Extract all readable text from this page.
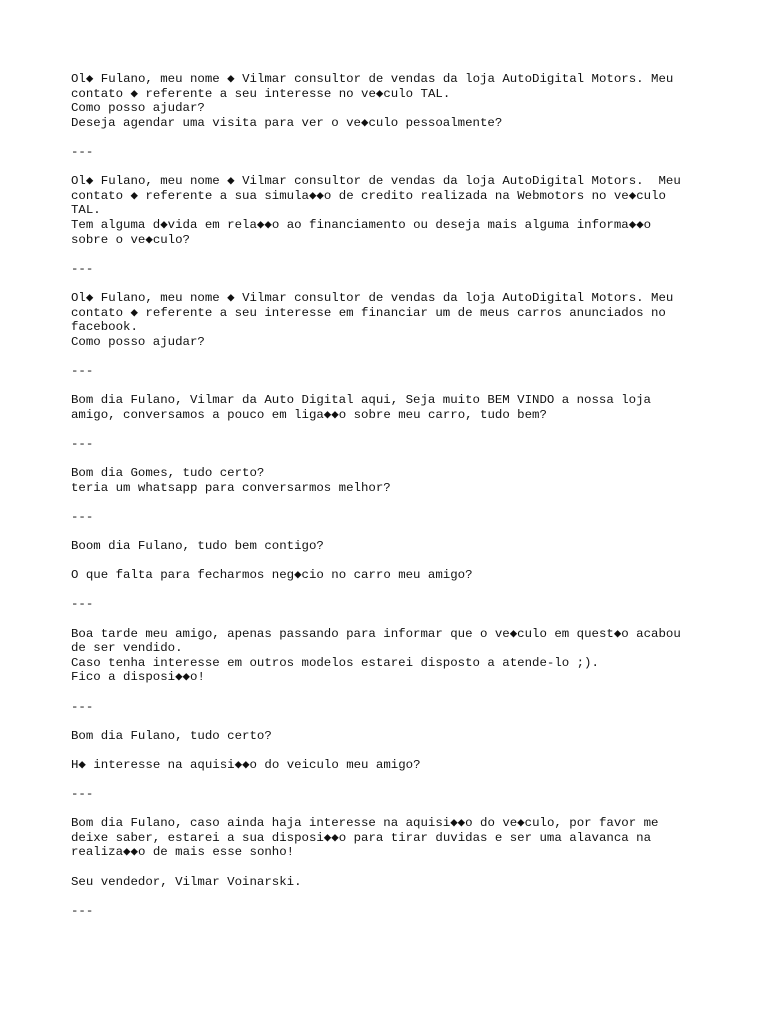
Ol◆ Fulano, meu nome ◆ Vilmar consultor de vendas da loja AutoDigital Motors. Meu
contato ◆ referente a seu interesse no ve◆culo TAL.
Como posso ajudar?
Deseja agendar uma visita para ver o ve◆culo pessoalmente?
---
Ol◆ Fulano, meu nome ◆ Vilmar consultor de vendas da loja AutoDigital Motors.  Meu
contato ◆ referente a sua simula◆◆o de credito realizada na Webmotors no ve◆culo
TAL.
Tem alguma d◆vida em rela◆◆o ao financiamento ou deseja mais alguma informa◆◆o
sobre o ve◆culo?
---
Ol◆ Fulano, meu nome ◆ Vilmar consultor de vendas da loja AutoDigital Motors. Meu
contato ◆ referente a seu interesse em financiar um de meus carros anunciados no
facebook.
Como posso ajudar?
---
Bom dia Fulano, Vilmar da Auto Digital aqui, Seja muito BEM VINDO a nossa loja
amigo, conversamos a pouco em liga◆◆o sobre meu carro, tudo bem?
---
Bom dia Gomes, tudo certo?
teria um whatsapp para conversarmos melhor?
---
Boom dia Fulano, tudo bem contigo?
O que falta para fecharmos neg◆cio no carro meu amigo?
---
Boa tarde meu amigo, apenas passando para informar que o ve◆culo em quest◆o acabou
de ser vendido.
Caso tenha interesse em outros modelos estarei disposto a atende-lo ;).
Fico a disposi◆◆o!
---
Bom dia Fulano, tudo certo?
H◆ interesse na aquisi◆◆o do veiculo meu amigo?
---
Bom dia Fulano, caso ainda haja interesse na aquisi◆◆o do ve◆culo, por favor me
deixe saber, estarei a sua disposi◆◆o para tirar duvidas e ser uma alavanca na
realiza◆◆o de mais esse sonho!
Seu vendedor, Vilmar Voinarski.
---
